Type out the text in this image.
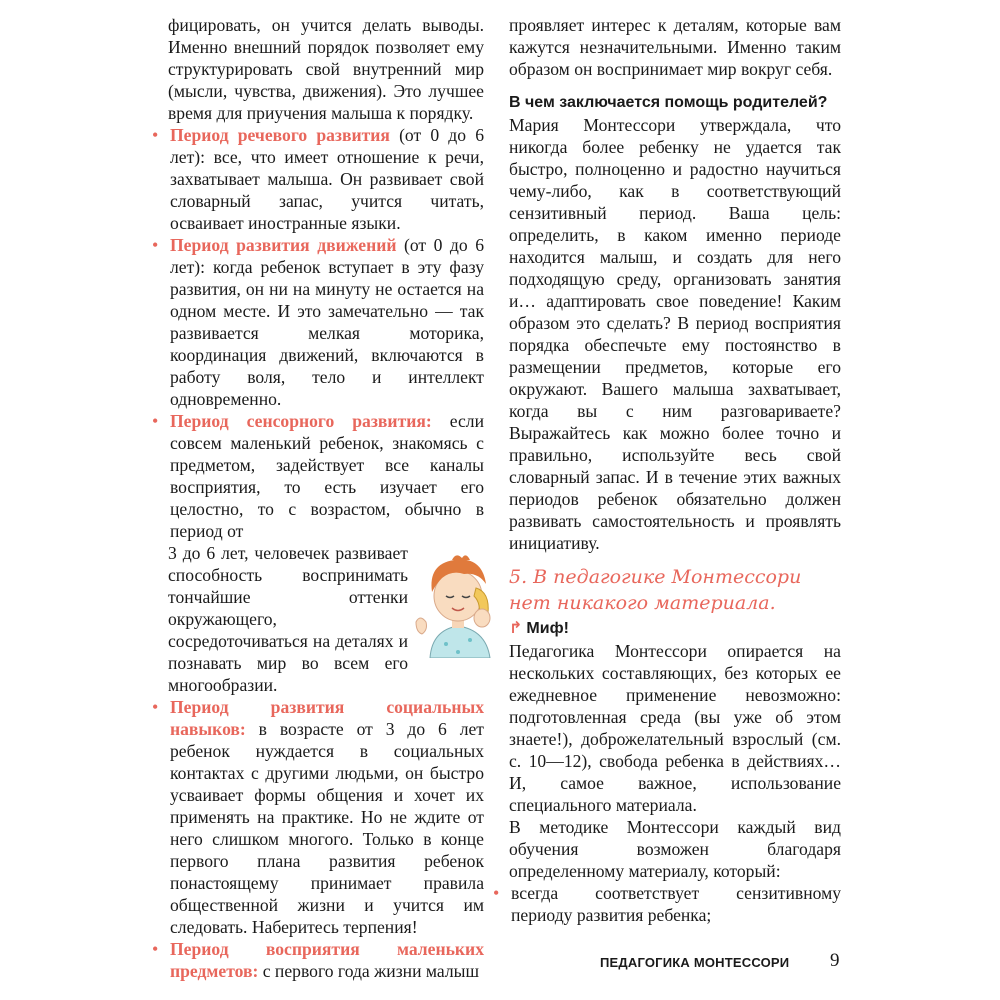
фицировать, он учится делать выводы. Именно внешний порядок позволяет ему структурировать свой внутренний мир (мысли, чувства, движения). Это лучшее время для приучения малыша к порядку.

• Период речевого развития (от 0 до 6 лет): все, что имеет отношение к речи, захватывает малыша. Он развивает свой словарный запас, учится читать, осваивает иностранные языки.

• Период развития движений (от 0 до 6 лет): когда ребенок вступает в эту фазу развития, он ни на минуту не остается на одном месте. И это замечательно — так развивается мелкая моторика, координация движений, включаются в работу воля, тело и интеллект одновременно.

• Период сенсорного развития: если совсем маленький ребенок, знакомясь с предметом, задействует все каналы восприятия, то есть изучает его целостно, то с возрастом, обычно в период от

3 до 6 лет, человечек развивает способность воспринимать тончайшие оттенки окружающего, сосредоточиваться на деталях и познавать мир во всем его многообразии.

• Период развития социальных навыков: в возрасте от 3 до 6 лет ребенок нуждается в социальных контактах с другими людьми, он быстро усваивает формы общения и хочет их применять на практике. Но не ждите от него слишком многого. Только в конце первого плана развития ребенок понастоящему принимает правила общественной жизни и учится им следовать. Наберитесь терпения!

• Период восприятия маленьких предметов: с первого года жизни малыш

проявляет интерес к деталям, которые вам кажутся незначительными. Именно таким образом он воспринимает мир вокруг себя.

В чем заключается помощь родителей?

Мария Монтессори утверждала, что никогда более ребенку не удается так быстро, полноценно и радостно научиться чему-либо, как в соответствующий сензитивный период. Ваша цель: определить, в каком именно периоде находится малыш, и создать для него подходящую среду, организовать занятия и… адаптировать свое поведение! Каким образом это сделать? В период восприятия порядка обеспечьте ему постоянство в размещении предметов, которые его окружают. Вашего малыша захватывает, когда вы с ним разговариваете? Выражайтесь как можно более точно и правильно, используйте весь свой словарный запас. И в течение этих важных периодов ребенок обязательно должен развивать самостоятельность и проявлять инициативу.

5. В педагогике Монтессори нет никакого материала.

↱ Миф!

Педагогика Монтессори опирается на нескольких составляющих, без которых ее ежедневное применение невозможно: подготовленная среда (вы уже об этом знаете!), доброжелательный взрослый (см. с. 10—12), свобода ребенка в действиях… И, самое важное, использование специального материала.

В методике Монтессори каждый вид обучения возможен благодаря определенному материалу, который:

• всегда соответствует сензитивному периоду развития ребенка;

ПЕДАГОГИКА МОНТЕССОРИ 9
